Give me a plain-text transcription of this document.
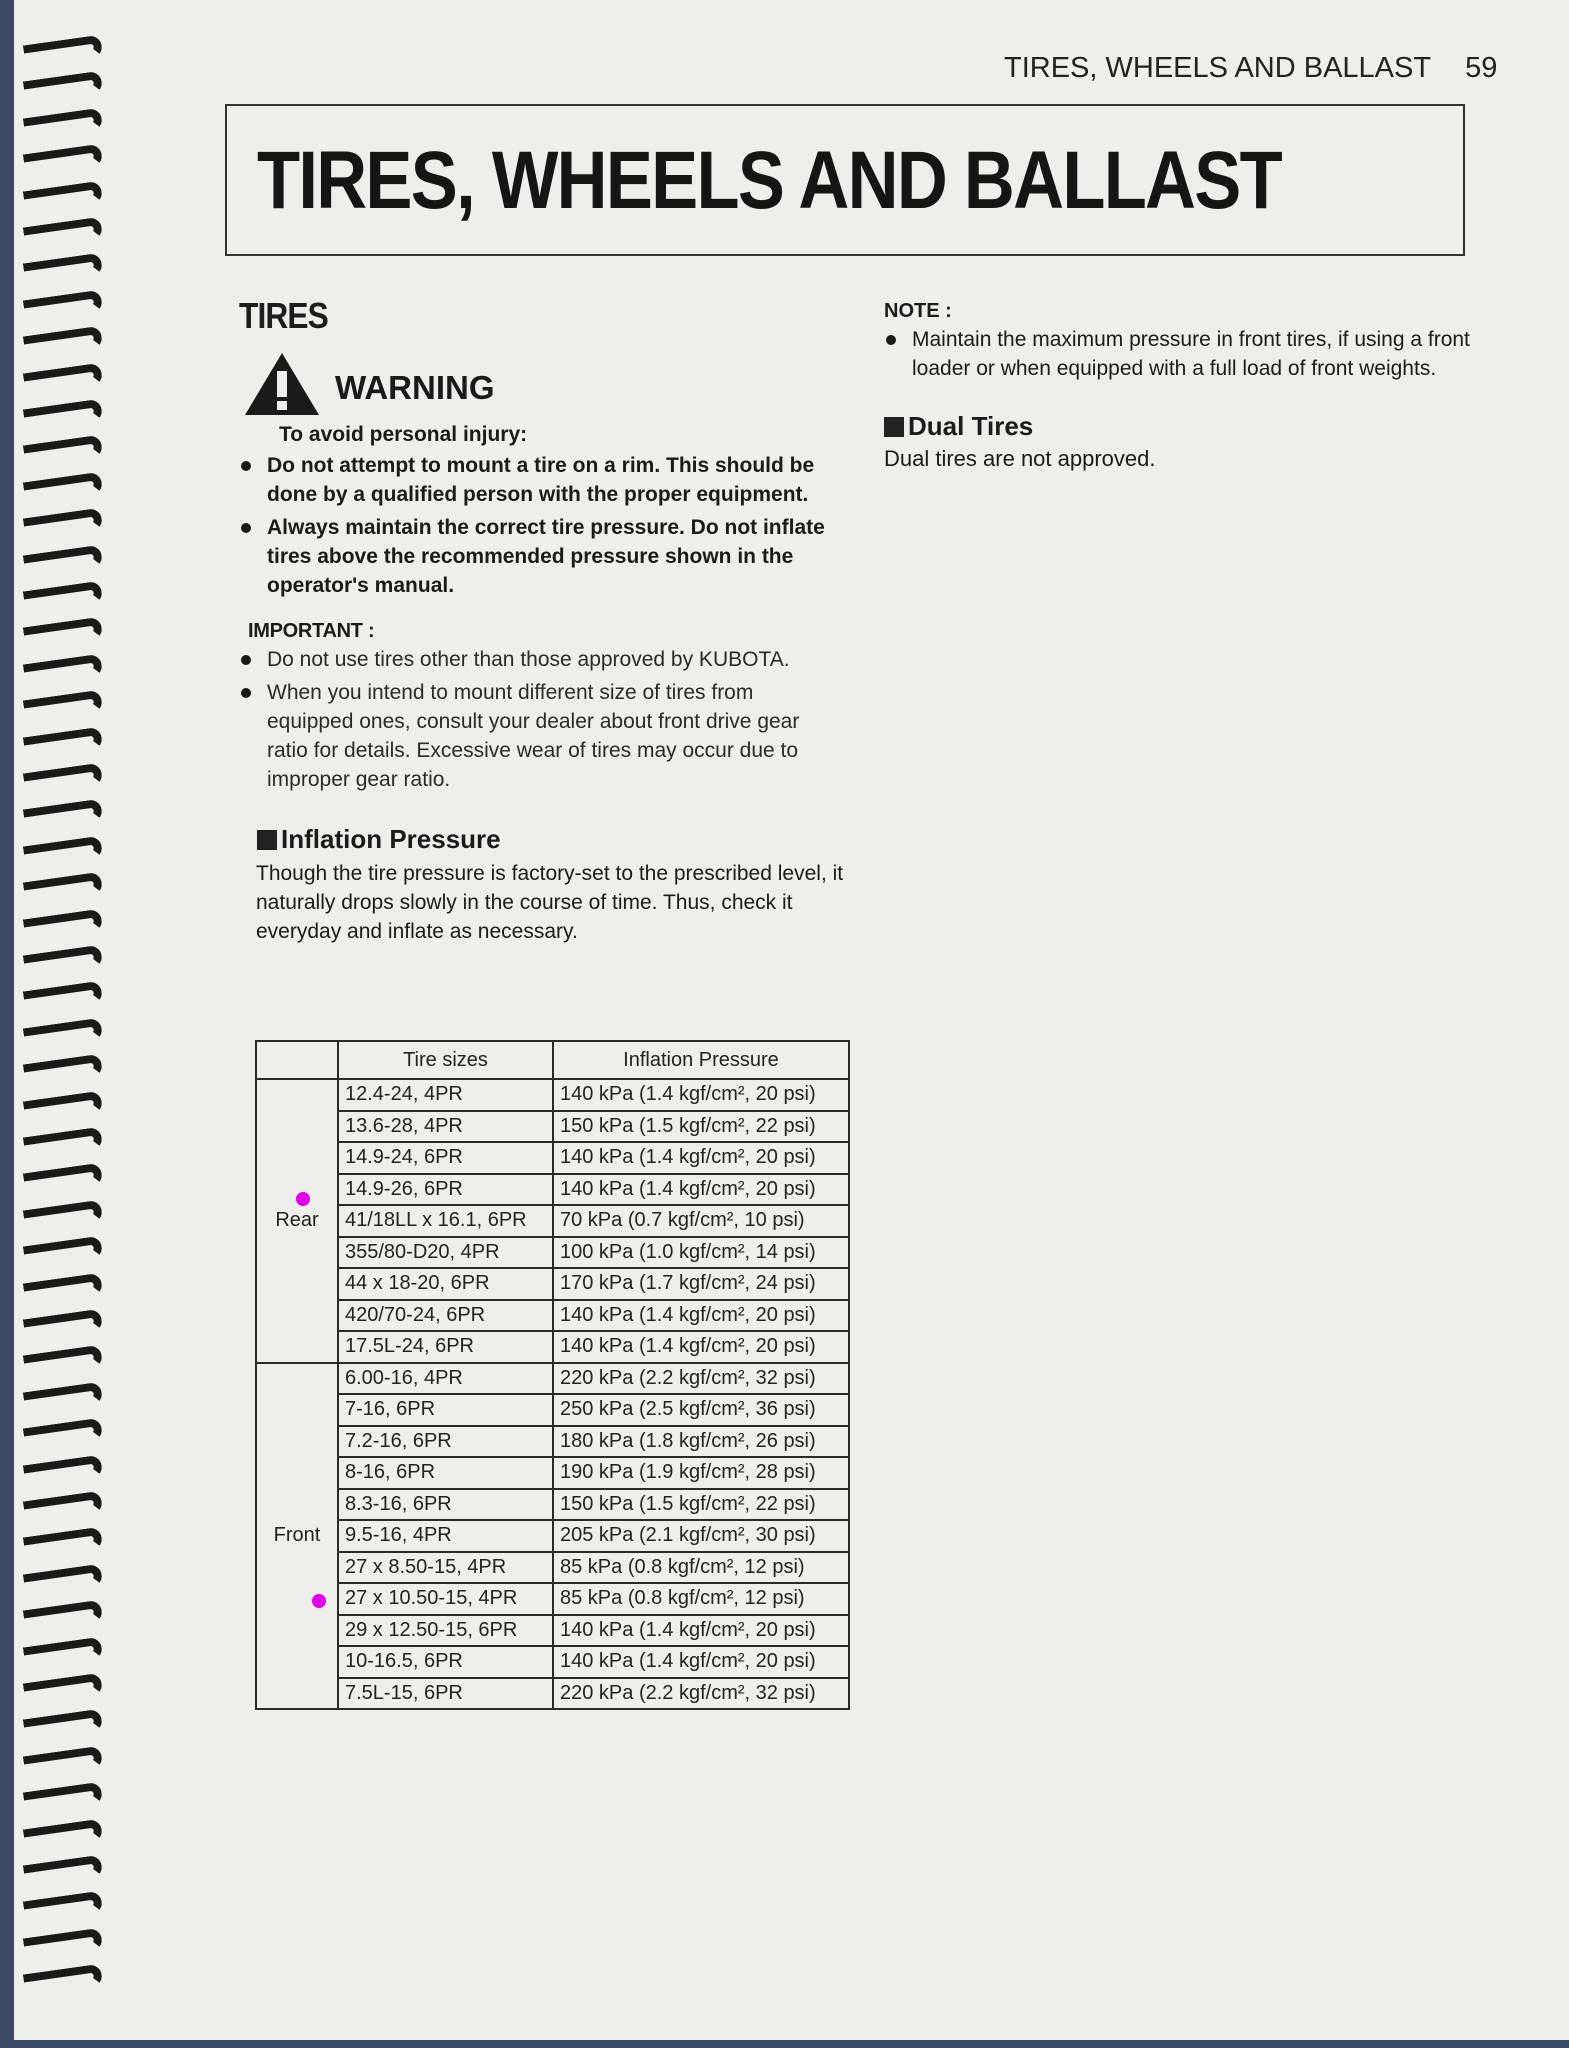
TIRES, WHEELS AND BALLAST 59
TIRES, WHEELS AND BALLAST
TIRES
WARNING
To avoid personal injury:
Do not attempt to mount a tire on a rim. This should be done by a qualified person with the proper equipment.
Always maintain the correct tire pressure. Do not inflate tires above the recommended pressure shown in the operator's manual.
IMPORTANT :
Do not use tires other than those approved by KUBOTA.
When you intend to mount different size of tires from equipped ones, consult your dealer about front drive gear ratio for details. Excessive wear of tires may occur due to improper gear ratio.
Inflation Pressure

Though the tire pressure is factory-set to the prescribed level, it naturally drops slowly in the course of time. Thus, check it everyday and inflate as necessary.

	Tire sizes	Inflation Pressure
Rear	12.4-24, 4PR	140 kPa (1.4 kgf/cm², 20 psi)
	13.6-28, 4PR	150 kPa (1.5 kgf/cm², 22 psi)
	14.9-24, 6PR	140 kPa (1.4 kgf/cm², 20 psi)
	14.9-26, 6PR	140 kPa (1.4 kgf/cm², 20 psi)
	41/18LL x 16.1, 6PR	70 kPa (0.7 kgf/cm², 10 psi)
	355/80-D20, 4PR	100 kPa (1.0 kgf/cm², 14 psi)
	44 x 18-20, 6PR	170 kPa (1.7 kgf/cm², 24 psi)
	420/70-24, 6PR	140 kPa (1.4 kgf/cm², 20 psi)
	17.5L-24, 6PR	140 kPa (1.4 kgf/cm², 20 psi)
Front	6.00-16, 4PR	220 kPa (2.2 kgf/cm², 32 psi)
	7-16, 6PR	250 kPa (2.5 kgf/cm², 36 psi)
	7.2-16, 6PR	180 kPa (1.8 kgf/cm², 26 psi)
	8-16, 6PR	190 kPa (1.9 kgf/cm², 28 psi)
	8.3-16, 6PR	150 kPa (1.5 kgf/cm², 22 psi)
	9.5-16, 4PR	205 kPa (2.1 kgf/cm², 30 psi)
	27 x 8.50-15, 4PR	85 kPa (0.8 kgf/cm², 12 psi)
	27 x 10.50-15, 4PR	85 kPa (0.8 kgf/cm², 12 psi)
	29 x 12.50-15, 6PR	140 kPa (1.4 kgf/cm², 20 psi)
	10-16.5, 6PR	140 kPa (1.4 kgf/cm², 20 psi)
	7.5L-15, 6PR	220 kPa (2.2 kgf/cm², 32 psi)
NOTE :
Maintain the maximum pressure in front tires, if using a front loader or when equipped with a full load of front weights.
Dual Tires
Dual tires are not approved.
